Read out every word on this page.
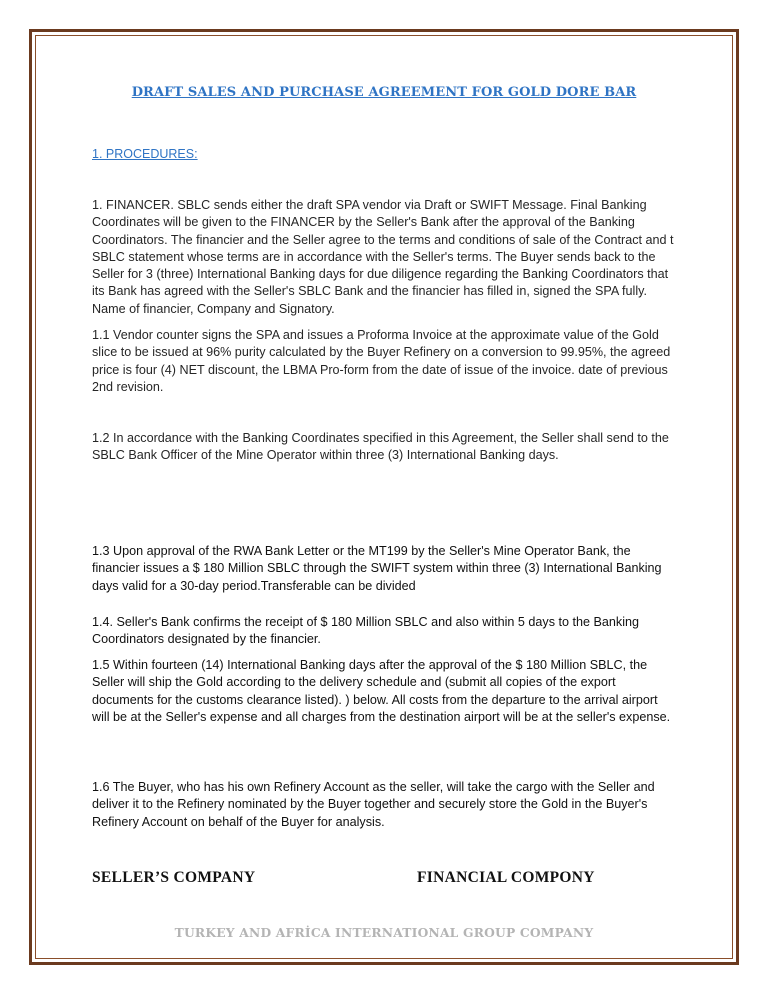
DRAFT SALES AND PURCHASE AGREEMENT FOR GOLD DORE BAR
1. PROCEDURES:

1. FINANCER. SBLC sends either the draft SPA vendor via Draft or SWIFT Message. Final Banking Coordinates will be given to the FINANCER by the Seller's Bank after the approval of the Banking Coordinators. The financier and the Seller agree to the terms and conditions of sale of the Contract and t SBLC statement whose terms are in accordance with the Seller's terms. The Buyer sends back to the Seller for 3 (three) International Banking days for due diligence regarding the Banking Coordinators that its Bank has agreed with the Seller's SBLC Bank and the financier has filled in, signed the SPA fully. Name of financier, Company and Signatory.

1.1 Vendor counter signs the SPA and issues a Proforma Invoice at the approximate value of the Gold slice to be issued at 96% purity calculated by the Buyer Refinery on a conversion to 99.95%, the agreed price is four (4) NET discount, the LBMA Pro-form from the date of issue of the invoice. date of previous 2nd revision.

1.2 In accordance with the Banking Coordinates specified in this Agreement, the Seller shall send to the SBLC Bank Officer of the Mine Operator within three (3) International Banking days.

1.3 Upon approval of the RWA Bank Letter or the MT199 by the Seller's Mine Operator Bank, the financier issues a $ 180 Million SBLC through the SWIFT system within three (3) International Banking days valid for a 30-day period.Transferable can be divided

1.4. Seller's Bank confirms the receipt of $ 180 Million SBLC and also within 5 days to the Banking Coordinators designated by the financier.

1.5 Within fourteen (14) International Banking days after the approval of the $ 180 Million SBLC, the Seller will ship the Gold according to the delivery schedule and (submit all copies of the export documents for the customs clearance listed). ) below. All costs from the departure to the arrival airport will be at the Seller's expense and all charges from the destination airport will be at the seller's expense.

1.6 The Buyer, who has his own Refinery Account as the seller, will take the cargo with the Seller and deliver it to the Refinery nominated by the Buyer together and securely store the Gold in the Buyer's Refinery Account on behalf of the Buyer for analysis.

SELLER’S COMPANY	FINANCIAL COMPONY
TURKEY AND AFRİCA INTERNATIONAL GROUP COMPANY
